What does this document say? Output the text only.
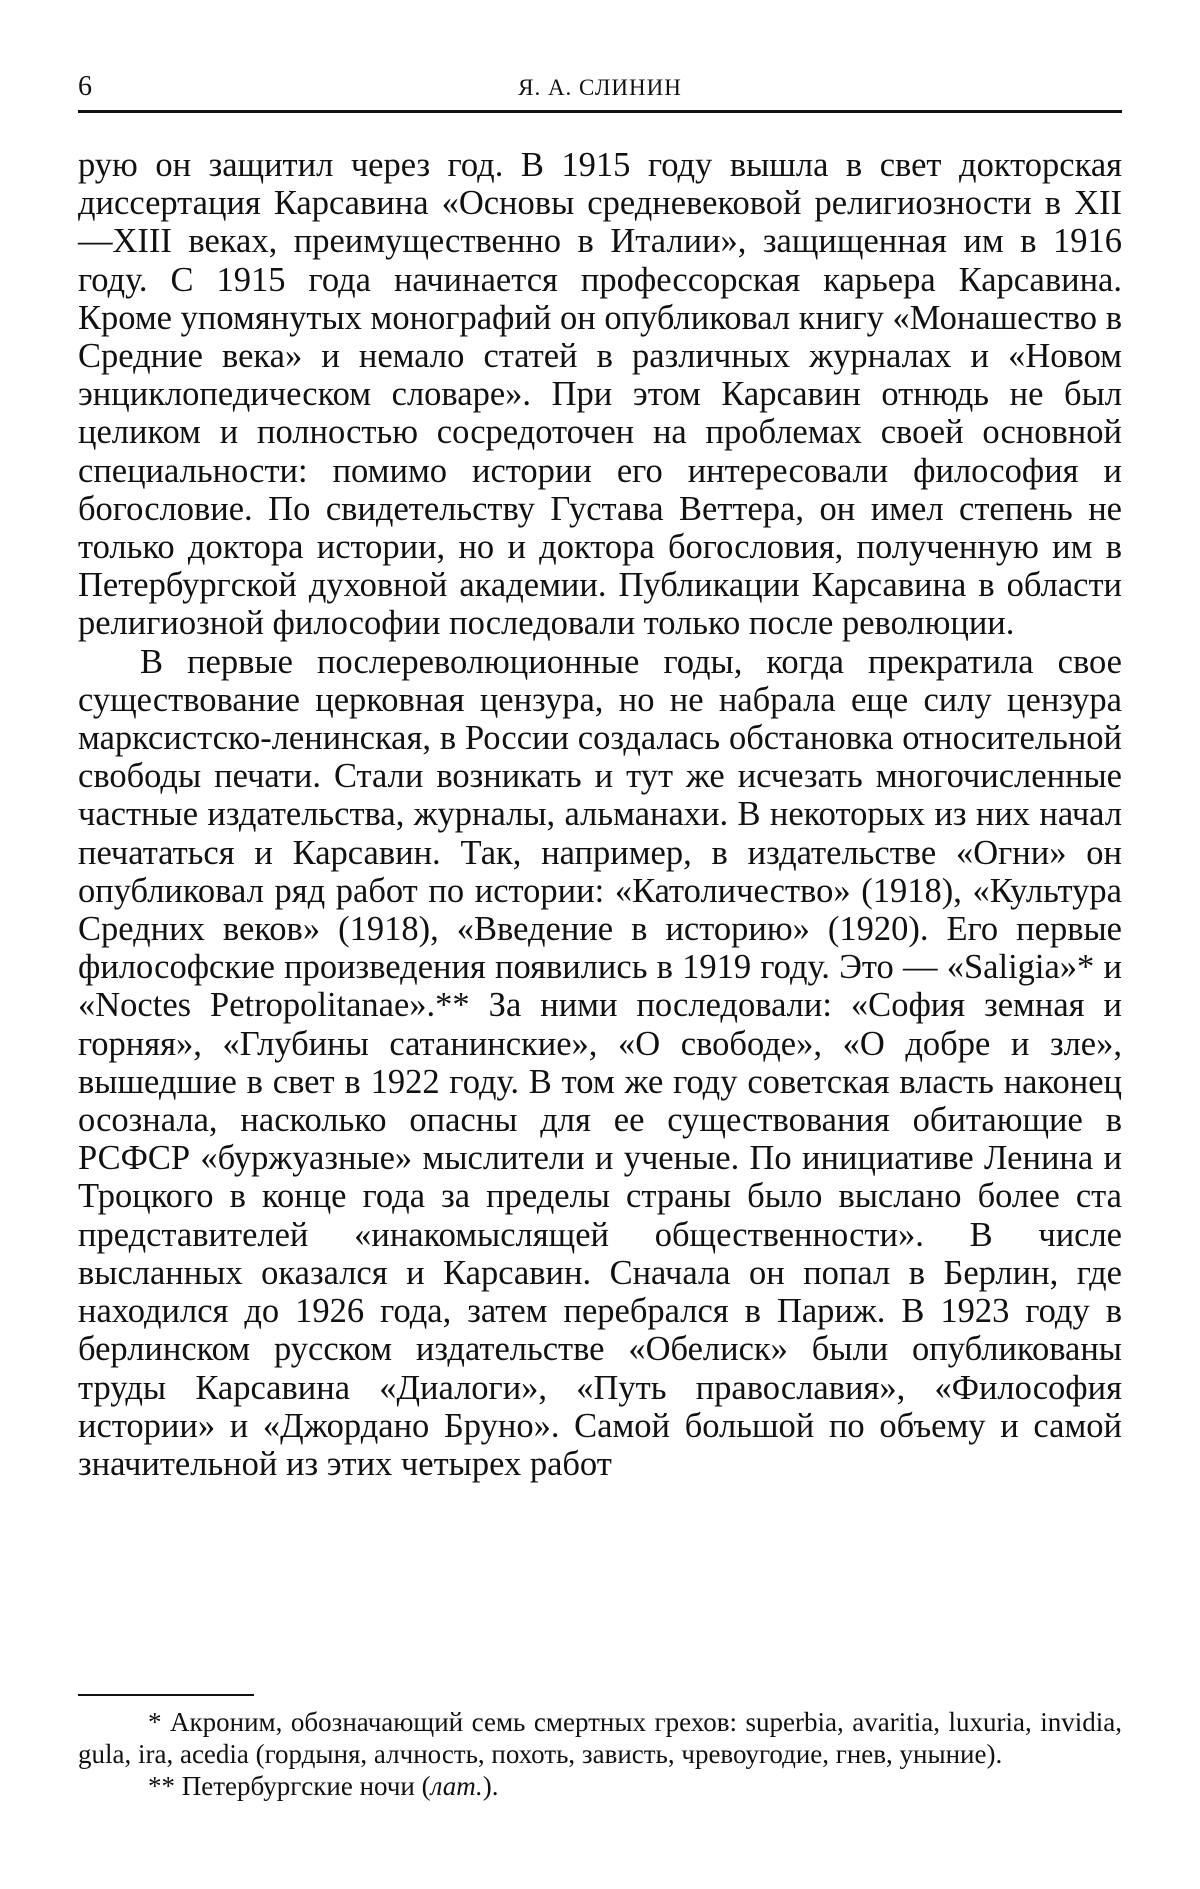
6	Я. А. СЛИНИН

рую он защитил через год. В 1915 году вышла в свет докторская диссертация Карсавина «Основы средневековой религиозности в XII—XIII веках, преимущественно в Италии», защищенная им в 1916 году. С 1915 года начинается профессорская карьера Карсавина. Кроме упомянутых монографий он опубликовал книгу «Монашество в Средние века» и немало статей в различных журналах и «Новом энциклопедическом словаре». При этом Карсавин отнюдь не был целиком и полностью сосредоточен на проблемах своей основной специальности: помимо истории его интересовали философия и богословие. По свидетельству Густава Веттера, он имел степень не только доктора истории, но и доктора богословия, полученную им в Петербургской духовной академии. Публикации Карсавина в области религиозной философии последовали только после революции.

В первые послереволюционные годы, когда прекратила свое существование церковная цензура, но не набрала еще силу цензура марксистско-ленинская, в России создалась обстановка относительной свободы печати. Стали возникать и тут же исчезать многочисленные частные издательства, журналы, альманахи. В некоторых из них начал печататься и Карсавин. Так, например, в издательстве «Огни» он опубликовал ряд работ по истории: «Католичество» (1918), «Культура Средних веков» (1918), «Введение в историю» (1920). Его первые философские произведения появились в 1919 году. Это — «Saligia»* и «Noctes Petropolitanae».** За ними последовали: «София земная и горняя», «Глубины сатанинские», «О свободе», «О добре и зле», вышедшие в свет в 1922 году. В том же году советская власть наконец осознала, насколько опасны для ее существования обитающие в РСФСР «буржуазные» мыслители и ученые. По инициативе Ленина и Троцкого в конце года за пределы страны было выслано более ста представителей «инакомыслящей общественности». В числе высланных оказался и Карсавин. Сначала он попал в Берлин, где находился до 1926 года, затем перебрался в Париж. В 1923 году в берлинском русском издательстве «Обелиск» были опубликованы труды Карсавина «Диалоги», «Путь православия», «Философия истории» и «Джордано Бруно». Самой большой по объему и самой значительной из этих четырех работ

* Акроним, обозначающий семь смертных грехов: superbia, avaritia, luxuria, invidia, gula, ira, acedia (гордыня, алчность, похоть, зависть, чревоугодие, гнев, уныние).

** Петербургские ночи (лат.).
